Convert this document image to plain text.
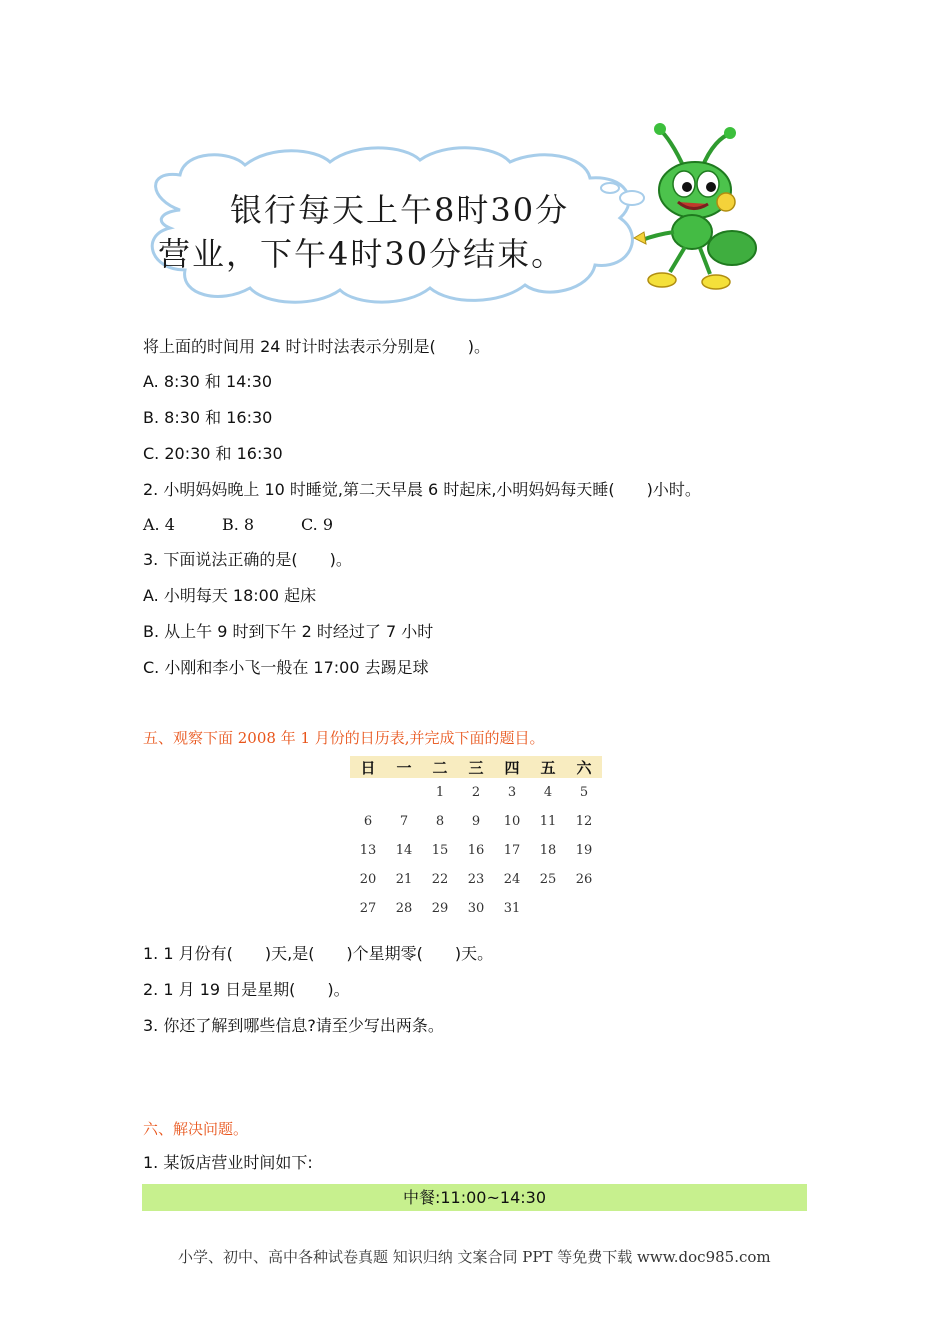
银行每天上午8时30分
营业，下午4时30分结束。
将上面的时间用 24 时计时法表示分别是(　　)。
A. 8:30 和 14:30
B. 8:30 和 16:30
C. 20:30 和 16:30
2. 小明妈妈晚上 10 时睡觉,第二天早晨 6 时起床,小明妈妈每天睡(　　)小时。
A. 4	B. 8	C. 9
3. 下面说法正确的是(　　)。
A. 小明每天 18:00 起床
B. 从上午 9 时到下午 2 时经过了 7 小时
C. 小刚和李小飞一般在 17:00 去踢足球
五、观察下面 2008 年 1 月份的日历表,并完成下面的题目。
日	一	二	三	四	五	六
		1	2	3	4	5
6	7	8	9	10	11	12
13	14	15	16	17	18	19
20	21	22	23	24	25	26
27	28	29	30	31		
1. 1 月份有(　　)天,是(　　)个星期零(　　)天。
2. 1 月 19 日是星期(　　)。
3. 你还了解到哪些信息?请至少写出两条。
六、解决问题。
1. 某饭店营业时间如下:
中餐:11:00~14:30
小学、初中、高中各种试卷真题 知识归纳 文案合同 PPT 等免费下载 www.doc985.com
